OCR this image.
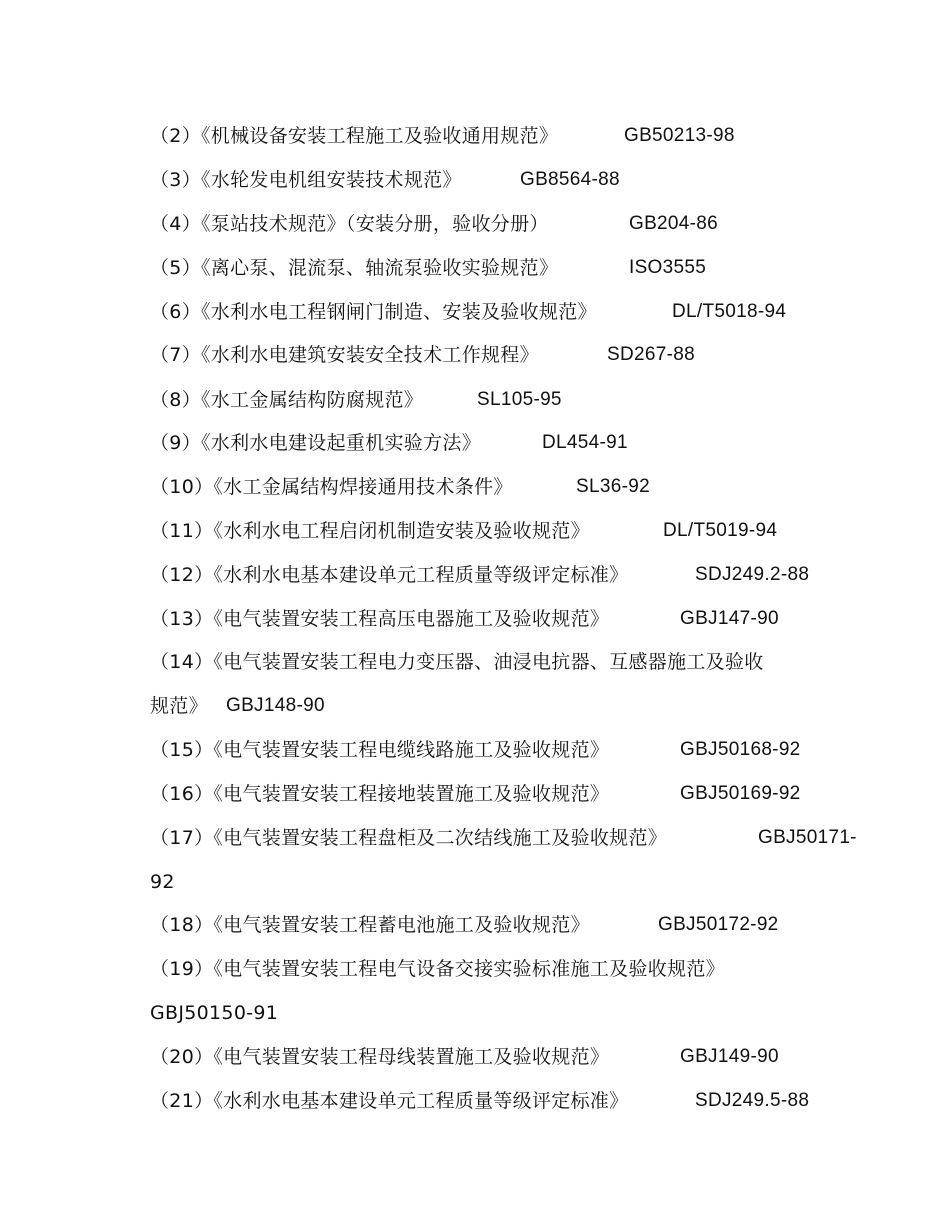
（2）《机械设备安装工程施工及验收通用规范》	GB50213-98
（3）《水轮发电机组安装技术规范》	GB8564-88
（4）《泵站技术规范》（安装分册，验收分册）	GB204-86
（5）《离心泵、混流泵、轴流泵验收实验规范》	ISO3555
（6）《水利水电工程钢闸门制造、安装及验收规范》	DL/T5018-94
（7）《水利水电建筑安装安全技术工作规程》	SD267-88
（8）《水工金属结构防腐规范》	SL105-95
（9）《水利水电建设起重机实验方法》	DL454-91
（10）《水工金属结构焊接通用技术条件》	SL36-92
（11）《水利水电工程启闭机制造安装及验收规范》	DL/T5019-94
（12）《水利水电基本建设单元工程质量等级评定标准》	SDJ249.2-88
（13）《电气装置安装工程高压电器施工及验收规范》	GBJ147-90
（14）《电气装置安装工程电力变压器、油浸电抗器、互感器施工及验收
规范》 GBJ148-90
（15）《电气装置安装工程电缆线路施工及验收规范》	GBJ50168-92
（16）《电气装置安装工程接地装置施工及验收规范》	GBJ50169-92
（17）《电气装置安装工程盘柜及二次结线施工及验收规范》	GBJ50171-
92
（18）《电气装置安装工程蓄电池施工及验收规范》	GBJ50172-92
（19）《电气装置安装工程电气设备交接实验标准施工及验收规范》
GBJ50150-91
（20）《电气装置安装工程母线装置施工及验收规范》	GBJ149-90
（21）《水利水电基本建设单元工程质量等级评定标准》	SDJ249.5-88
